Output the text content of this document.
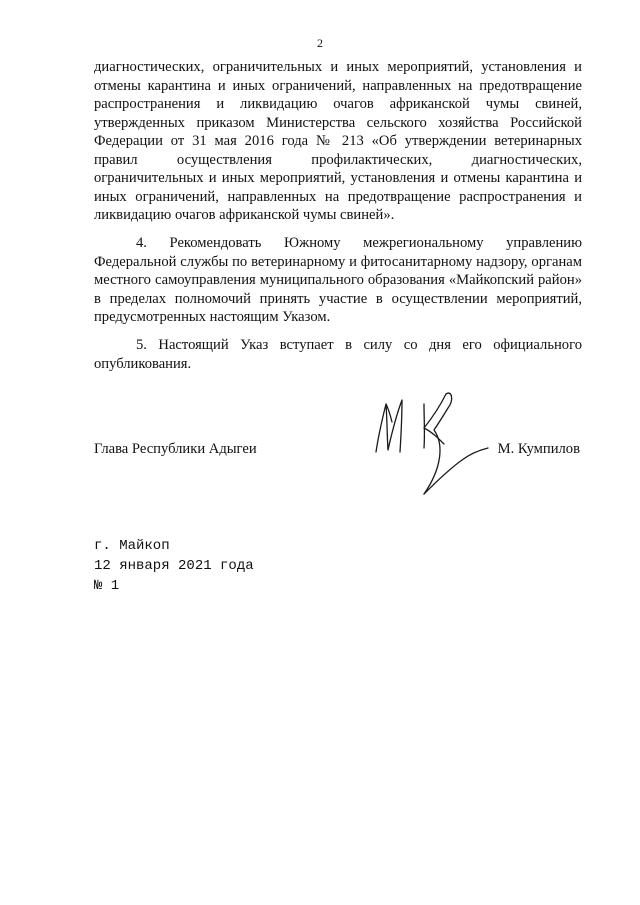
2

диагностических, ограничительных и иных мероприятий, установления и отмены карантина и иных ограничений, направленных на предотвращение распространения и ликвидацию очагов африканской чумы свиней, утвержденных приказом Министерства сельского хозяйства Российской Федерации от 31 мая 2016 года № 213 «Об утверждении ветеринарных правил осуществления профилактических, диагностических, ограничительных и иных мероприятий, установления и отмены карантина и иных ограничений, направленных на предотвращение распространения и ликвидацию очагов африканской чумы свиней».

4. Рекомендовать Южному межрегиональному управлению Федеральной службы по ветеринарному и фитосанитарному надзору, органам местного самоуправления муниципального образования «Майкопский район» в пределах полномочий принять участие в осуществлении мероприятий, предусмотренных настоящим Указом.

5. Настоящий Указ вступает в силу со дня его официального опубликования.

Глава Республики Адыгеи	М. Кумпилов
г. Майкоп
12 января 2021 года
№ 1
